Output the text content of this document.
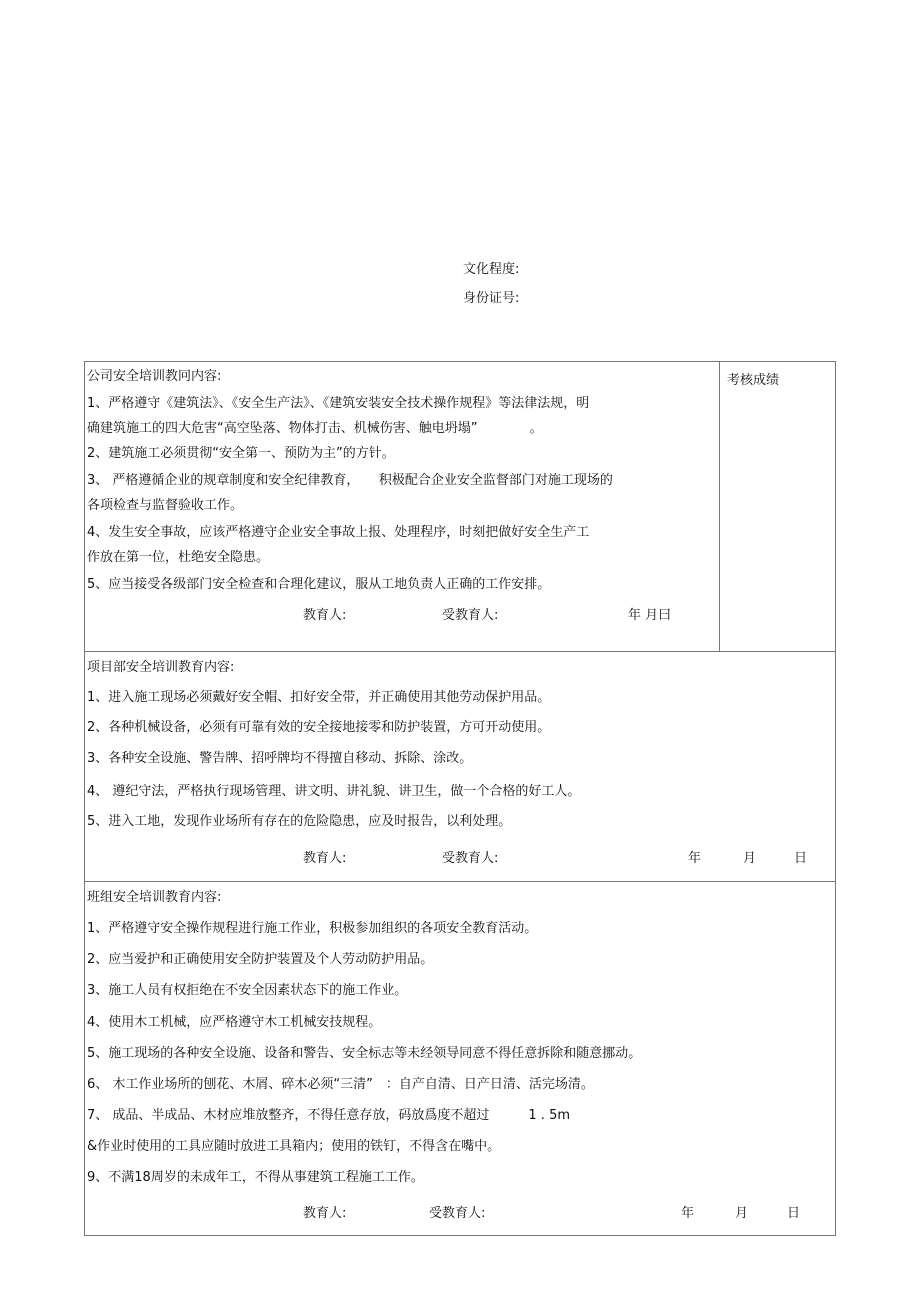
文化程度:
身份证号:
公司安全培训教冋内容:	考核成绩
1、严格遵守《建筑法》、《安全生产法》、《建筑安装安全技术操作规程》等法律法规，明
确建筑施工的四大危害“高空坠落、物体打击、机械伤害、触电坍塌”　　　　。
2、建筑施工必须贯彻“安全第一、预防为主”的方针。
3、 严格遵循企业的规章制度和安全纪律教育，　　积极配合企业安全监督部门对施工现场的
各项检查与监督验收工作。
4、发生安全事故，应该严格遵守企业安全事故上报、处理程序，时刻把做好安全生产工
作放在第一位，杜绝安全隐患。
5、应当接受各级部门安全检查和合理化建议，服从工地负责人正确的工作安排。
教育人:	受教育人:	年 月曰
项目部安全培训教育内容:
1、进入施工现场必须戴好安全帽、扣好安全带，并正确使用其他劳动保护用品。
2、各种机械设备，必须有可靠有效的安全接地接零和防护装置，方可开动使用。
3、各种安全设施、警告牌、招呼牌均不得擅自移动、拆除、涂改。
4、 遵纪守法，严格执行现场管理、讲文明、讲礼貌、讲卫生，做一个合格的好工人。
5、进入工地，发现作业场所有存在的危险隐患，应及时报告，以利处理。
教育人:	受教育人:	年	月	日
班组安全培训教育内容:
1、严格遵守安全操作规程进行施工作业，积极参加组织的各项安全教育活动。
2、应当爱护和正确使用安全防护装置及个人劳动防护用品。
3、施工人员有权拒绝在不安全因素状态下的施工作业。
4、使用木工机械，应严格遵守木工机械安技规程。
5、施工现场的各种安全设施、设备和警告、安全标志等未经领导同意不得任意拆除和随意挪动。
6、 木工作业场所的刨花、木屑、碎木必须“三清”　：自产自清、日产日清、活完场清。
7、 成品、半成品、木材应堆放整齐，不得任意存放，码放爲度不超过　　　1 . 5m
&作业时使用的工具应随时放进工具箱内；使用的铁钉，不得含在嘴中。
9、不满18周岁的未成年工，不得从事建筑工程施工工作。
教育人:	受教育人:	年	月	日
